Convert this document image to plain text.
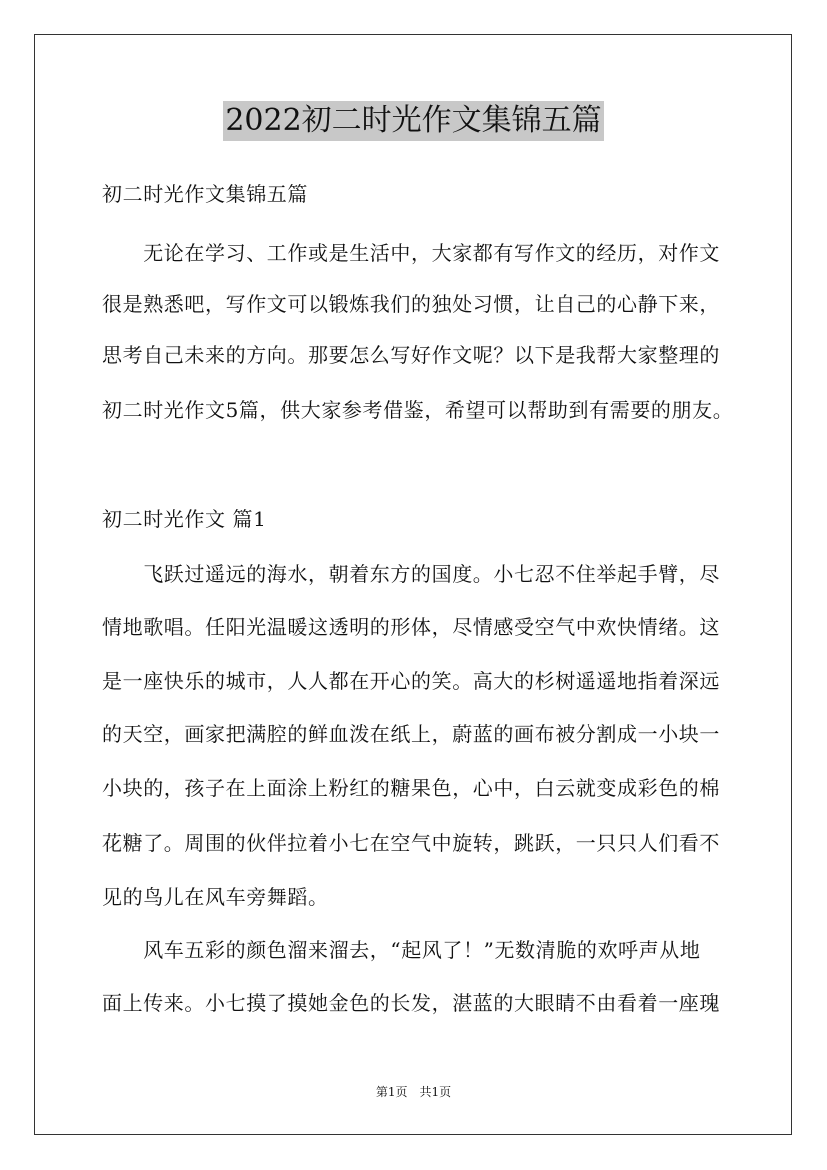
2022初二时光作文集锦五篇
初二时光作文集锦五篇
　　无论在学习、工作或是生活中，大家都有写作文的经历，对作文
很是熟悉吧，写作文可以锻炼我们的独处习惯，让自己的心静下来，
思考自己未来的方向。那要怎么写好作文呢？以下是我帮大家整理的
初二时光作文5篇，供大家参考借鉴，希望可以帮助到有需要的朋友。
初二时光作文 篇1
　　飞跃过遥远的海水，朝着东方的国度。小七忍不住举起手臂，尽
情地歌唱。任阳光温暖这透明的形体，尽情感受空气中欢快情绪。这
是一座快乐的城市，人人都在开心的笑。高大的杉树遥遥地指着深远
的天空，画家把满腔的鲜血泼在纸上，蔚蓝的画布被分割成一小块一
小块的，孩子在上面涂上粉红的糖果色，心中，白云就变成彩色的棉
花糖了。周围的伙伴拉着小七在空气中旋转，跳跃，一只只人们看不
见的鸟儿在风车旁舞蹈。
　　风车五彩的颜色溜来溜去，“起风了！”无数清脆的欢呼声从地
面上传来。小七摸了摸她金色的长发，湛蓝的大眼睛不由看着一座瑰
第1页　共1页
